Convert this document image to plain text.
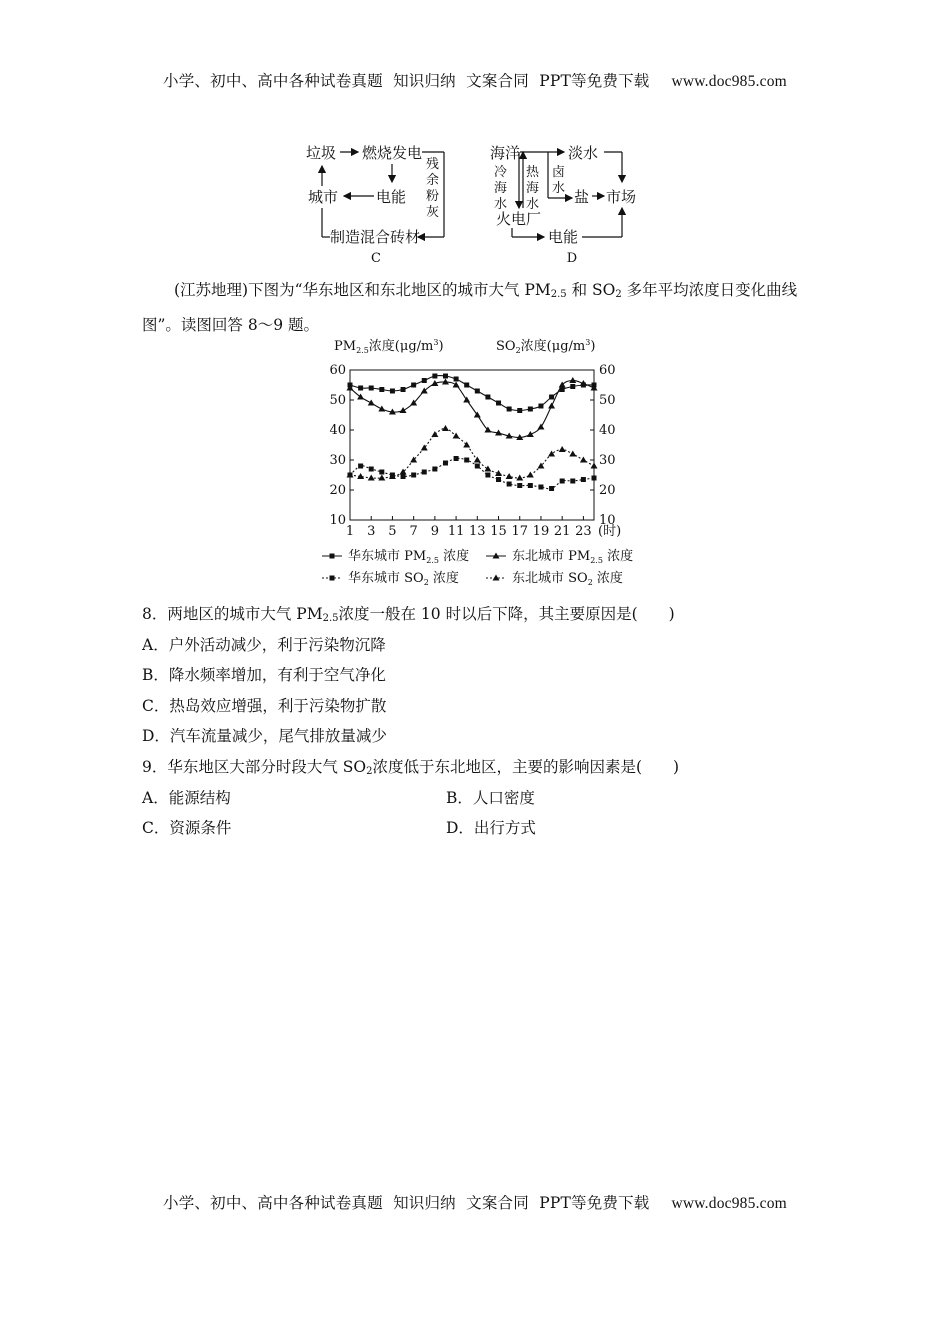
小学、初中、高中各种试卷真题  知识归纳  文案合同  PPT等免费下载 www.doc985.com
垃圾 燃烧发电
电能
城市
残
余
粉
灰
制造混合砖材
C
海洋	淡水
冷
海
水
热
海
水
卤
水 盐 市场
火电厂
电能
D
(江苏地理)下图为“华东地区和东北地区的城市大气 $PM_{2.5}$ 和 $SO_2$ 多年平均浓度日变化曲线图”。读图回答 8～9 题。
$PM_{2.5}$浓度$(\mu g/m^3)$	$SO_2$浓度$(\mu g/m^3)$
10	10
20	20
30	30
40	40
50	50
60	60
1 3 5 7 9 11 13 15 17 19 21 23 (时)
华东城市 $PM_{2.5}$ 浓度	东北城市 $PM_{2.5}$ 浓度
华东城市 $SO_2$ 浓度	东北城市 $SO_2$ 浓度
8．两地区的城市大气 $PM_{2.5}$浓度一般在 10 时以后下降，其主要原因是(　　)
A．户外活动减少，利于污染物沉降
B．降水频率增加，有利于空气净化
C．热岛效应增强，利于污染物扩散
D．汽车流量减少，尾气排放量减少
9．华东地区大部分时段大气 $SO_2$浓度低于东北地区，主要的影响因素是(　　)
A．能源结构	B．人口密度
C．资源条件	D．出行方式
小学、初中、高中各种试卷真题  知识归纳  文案合同  PPT等免费下载 www.doc985.com
